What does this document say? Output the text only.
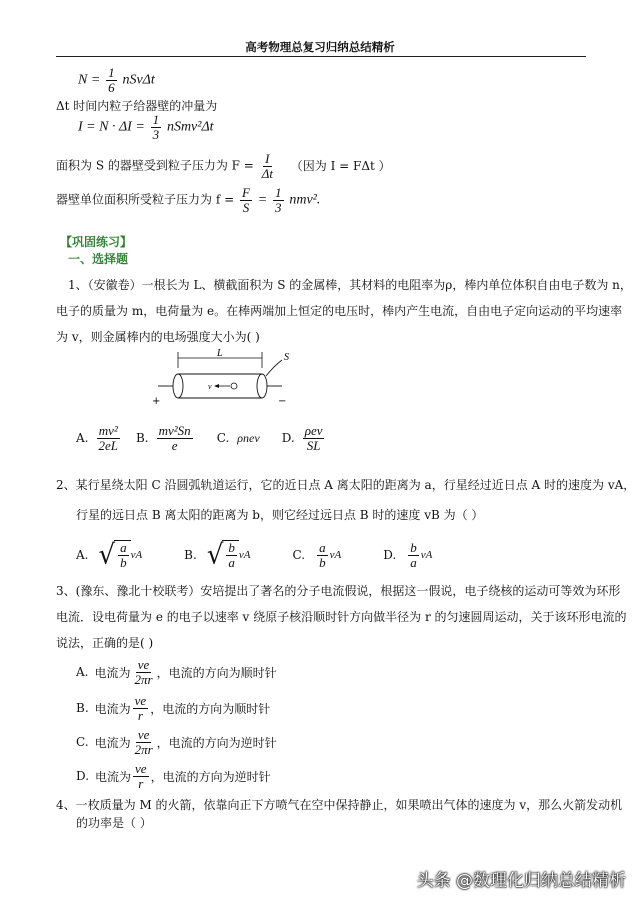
高考物理总复习归纳总结精析
$N = \frac{1}{6}$ nSvΔt
Δt 时间内粒子给器壁的冲量为
$I = N \cdot \Delta I = \frac{1}{3}$ nSmv²Δt
面积为 S 的器壁受到粒子压力为 $F = \frac{I}{\Delta t}$ （因为 I = FΔt ）
器壁单位面积所受粒子压力为 $f = \frac{F}{S} = \frac{1}{3} nmv^2$.
【巩固练习】
一、选择题
1、（安徽卷）一根长为 L、横截面积为 S 的金属棒，其材料的电阻率为ρ，棒内单位体积自由电子数为 n，
电子的质量为 m，电荷量为 e。在棒两端加上恒定的电压时，棒内产生电流，自由电子定向运动的平均速率
为 v，则金属棒内的电场强度大小为( )
L
+	−
v
S
A. $\frac{\text{mv²}}{2eL} B$. $\frac{\text{mv²Sn}}{e} C$. ρnev D. $\frac{\text{ρev}}{SL}$
2、某行星绕太阳 C 沿圆弧轨道运行，它的近日点 A 离太阳的距离为 a，行星经过近日点 A 时的速度为 vA，
行星的远日点 B 离太阳的距离为 b，则它经过远日点 B 时的速度 vB 为（ ）
A. √ $\frac{a}{b}$ vA	B. √ $\frac{b}{a}$ vA	C. $\frac{a}{b}$ vA	D. $\frac{b}{a}$ vA
3、(豫东、豫北十校联考）安培提出了著名的分子电流假说，根据这一假说，电子绕核的运动可等效为环形
电流．设电荷量为 e 的电子以速率 v 绕原子核沿顺时针方向做半径为 r 的匀速圆周运动，关于该环形电流的
说法，正确的是( )
A. 电流为 $\frac{ve}{2\pi r}$ ，电流的方向为顺时针
B. 电流为 $\frac{ve}{r}$ ，电流的方向为顺时针
C. 电流为 $\frac{ve}{2\pi r}$ ，电流的方向为逆时针
D. 电流为 $\frac{ve}{r}$ ，电流的方向为逆时针
4、一枚质量为 M 的火箭，依靠向正下方喷气在空中保持静止，如果喷出气体的速度为 v，那么火箭发动机
的功率是（ ）
头条 @数理化归纳总结精析
